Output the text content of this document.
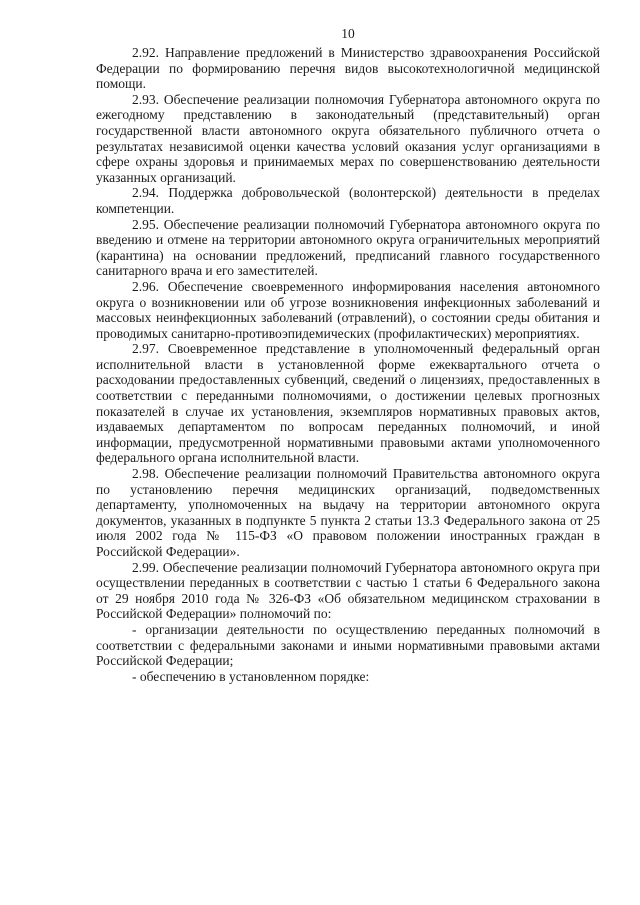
10

2.92. Направление предложений в Министерство здравоохранения Российской Федерации по формированию перечня видов высокотехнологичной медицинской помощи.

2.93. Обеспечение реализации полномочия Губернатора автономного округа по ежегодному представлению в законодательный (представительный) орган государственной власти автономного округа обязательного публичного отчета о результатах независимой оценки качества условий оказания услуг организациями в сфере охраны здоровья и принимаемых мерах по совершенствованию деятельности указанных организаций.

2.94. Поддержка добровольческой (волонтерской) деятельности в пределах компетенции.

2.95. Обеспечение реализации полномочий Губернатора автономного округа по введению и отмене на территории автономного округа ограничительных мероприятий (карантина) на основании предложений, предписаний главного государственного санитарного врача и его заместителей.

2.96. Обеспечение своевременного информирования населения автономного округа о возникновении или об угрозе возникновения инфекционных заболеваний и массовых неинфекционных заболеваний (отравлений), о состоянии среды обитания и проводимых санитарно-противоэпидемических (профилактических) мероприятиях.

2.97. Своевременное представление в уполномоченный федеральный орган исполнительной власти в установленной форме ежеквартального отчета о расходовании предоставленных субвенций, сведений о лицензиях, предоставленных в соответствии с переданными полномочиями, о достижении целевых прогнозных показателей в случае их установления, экземпляров нормативных правовых актов, издаваемых департаментом по вопросам переданных полномочий, и иной информации, предусмотренной нормативными правовыми актами уполномоченного федерального органа исполнительной власти.

2.98. Обеспечение реализации полномочий Правительства автономного округа по установлению перечня медицинских организаций, подведомственных департаменту, уполномоченных на выдачу на территории автономного округа документов, указанных в подпункте 5 пункта 2 статьи 13.3 Федерального закона от 25 июля 2002 года № 115-ФЗ «О правовом положении иностранных граждан в Российской Федерации».

2.99. Обеспечение реализации полномочий Губернатора автономного округа при осуществлении переданных в соответствии с частью 1 статьи 6 Федерального закона от 29 ноября 2010 года № 326-ФЗ «Об обязательном медицинском страховании в Российской Федерации» полномочий по:

- организации деятельности по осуществлению переданных полномочий в соответствии с федеральными законами и иными нормативными правовыми актами Российской Федерации;

- обеспечению в установленном порядке:
